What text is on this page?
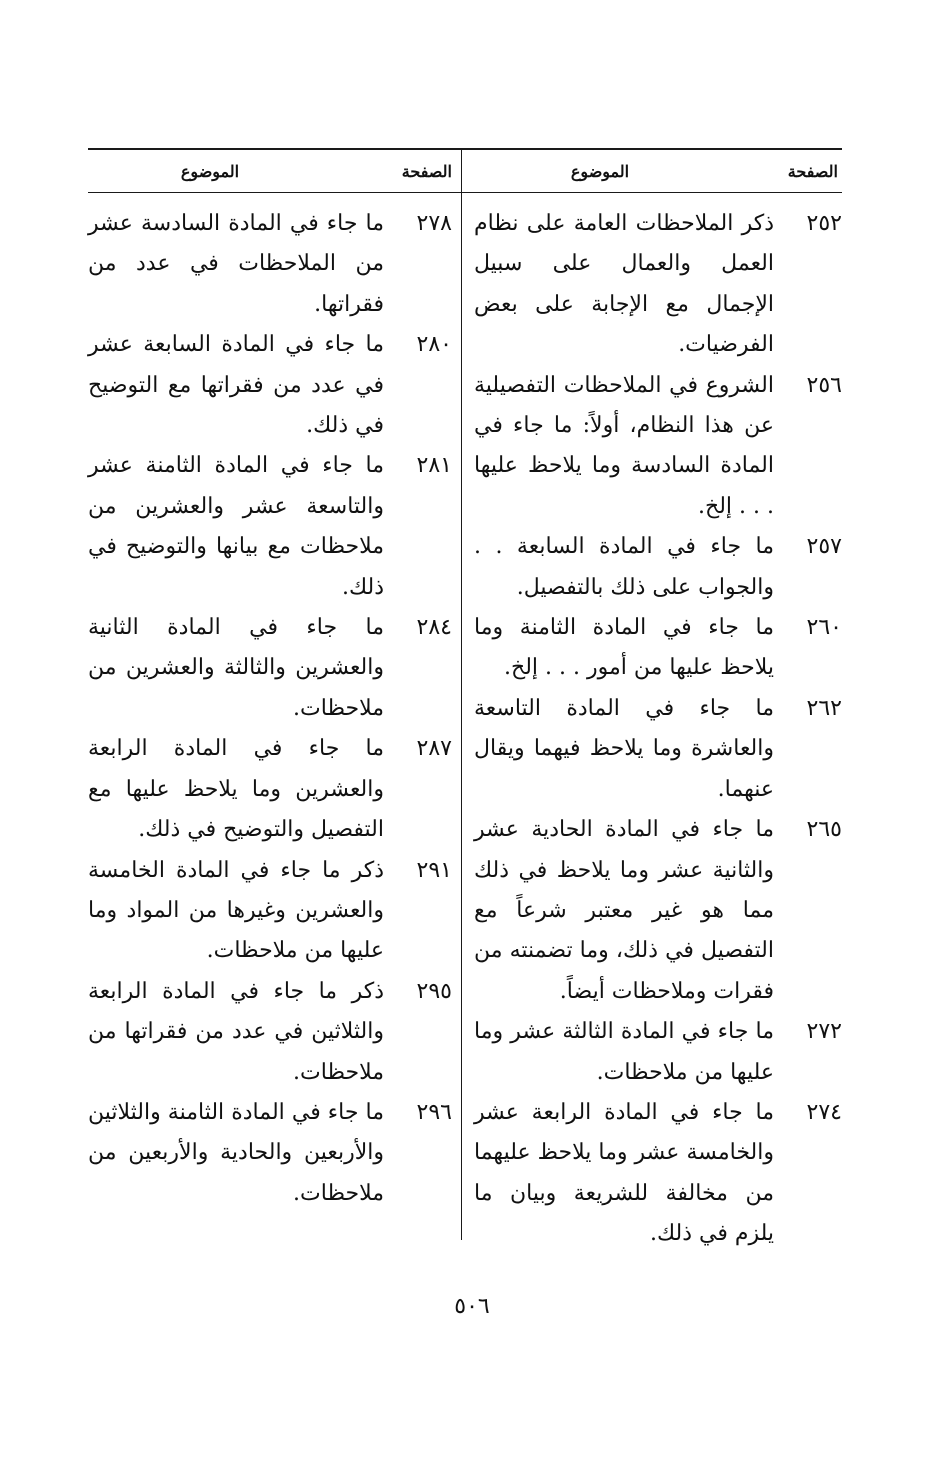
الصفحة
الموضوع
الصفحة
الموضوع
٢٥٢
ذكر الملاحظات العامة على نظام العمل والعمال على سبيل الإجمال مع الإجابة على بعض الفرضيات.
٢٥٦
الشروع في الملاحظات التفصيلية عن هذا النظام، أولاً: ما جاء في المادة السادسة وما يلاحظ عليها . . . إلخ.
٢٥٧
ما جاء في المادة السابعة . . والجواب على ذلك بالتفصيل.
٢٦٠
ما جاء في المادة الثامنة وما يلاحظ عليها من أمور . . . إلخ.
٢٦٢
ما جاء في المادة التاسعة والعاشرة وما يلاحظ فيهما ويقال عنهما.
٢٦٥
ما جاء في المادة الحادية عشر والثانية عشر وما يلاحظ في ذلك مما هو غير معتبر شرعاً مع التفصيل في ذلك، وما تضمنته من فقرات وملاحظات أيضاً.
٢٧٢
ما جاء في المادة الثالثة عشر وما عليها من ملاحظات.
٢٧٤
ما جاء في المادة الرابعة عشر والخامسة عشر وما يلاحظ عليهما من مخالفة للشريعة وبيان ما يلزم في ذلك.
٢٧٨
ما جاء في المادة السادسة عشر من الملاحظات في عدد من فقراتها.
٢٨٠
ما جاء في المادة السابعة عشر في عدد من فقراتها مع التوضيح في ذلك.
٢٨١
ما جاء في المادة الثامنة عشر والتاسعة عشر والعشرين من ملاحظات مع بيانها والتوضيح في ذلك.
٢٨٤
ما جاء في المادة الثانية والعشرين والثالثة والعشرين من ملاحظات.
٢٨٧
ما جاء في المادة الرابعة والعشرين وما يلاحظ عليها مع التفصيل والتوضيح في ذلك.
٢٩١
ذكر ما جاء في المادة الخامسة والعشرين وغيرها من المواد وما عليها من ملاحظات.
٢٩٥
ذكر ما جاء في المادة الرابعة والثلاثين في عدد من فقراتها من ملاحظات.
٢٩٦
ما جاء في المادة الثامنة والثلاثين والأربعين والحادية والأربعين من ملاحظات.
٥٠٦
